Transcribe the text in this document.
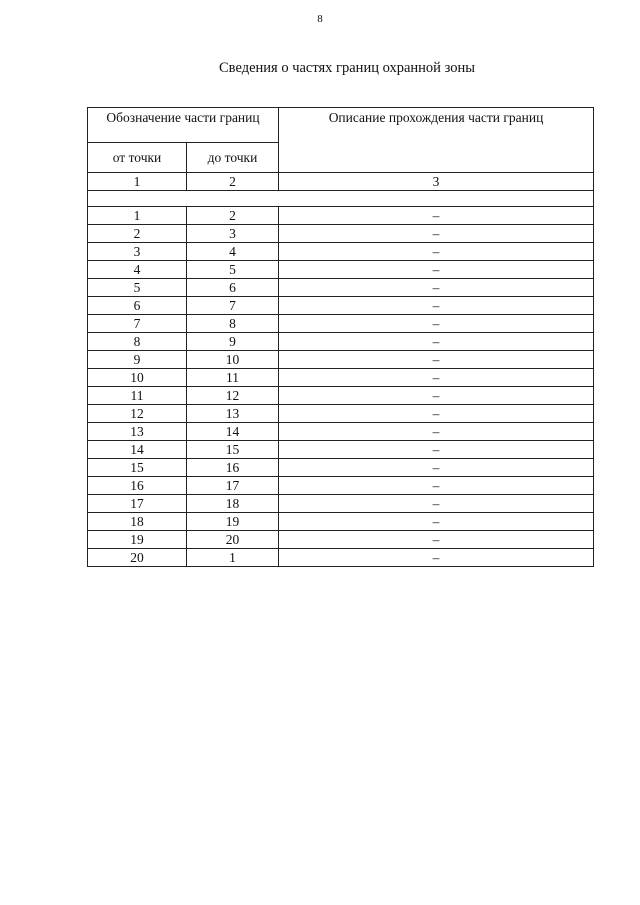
8
Сведения о частях границ охранной зоны
Обозначение части границ		Описание прохождения части границ
от точки	до точки	
1	2	3

1	2	–
2	3	–
3	4	–
4	5	–
5	6	–
6	7	–
7	8	–
8	9	–
9	10	–
10	11	–
11	12	–
12	13	–
13	14	–
14	15	–
15	16	–
16	17	–
17	18	–
18	19	–
19	20	–
20	1	–
